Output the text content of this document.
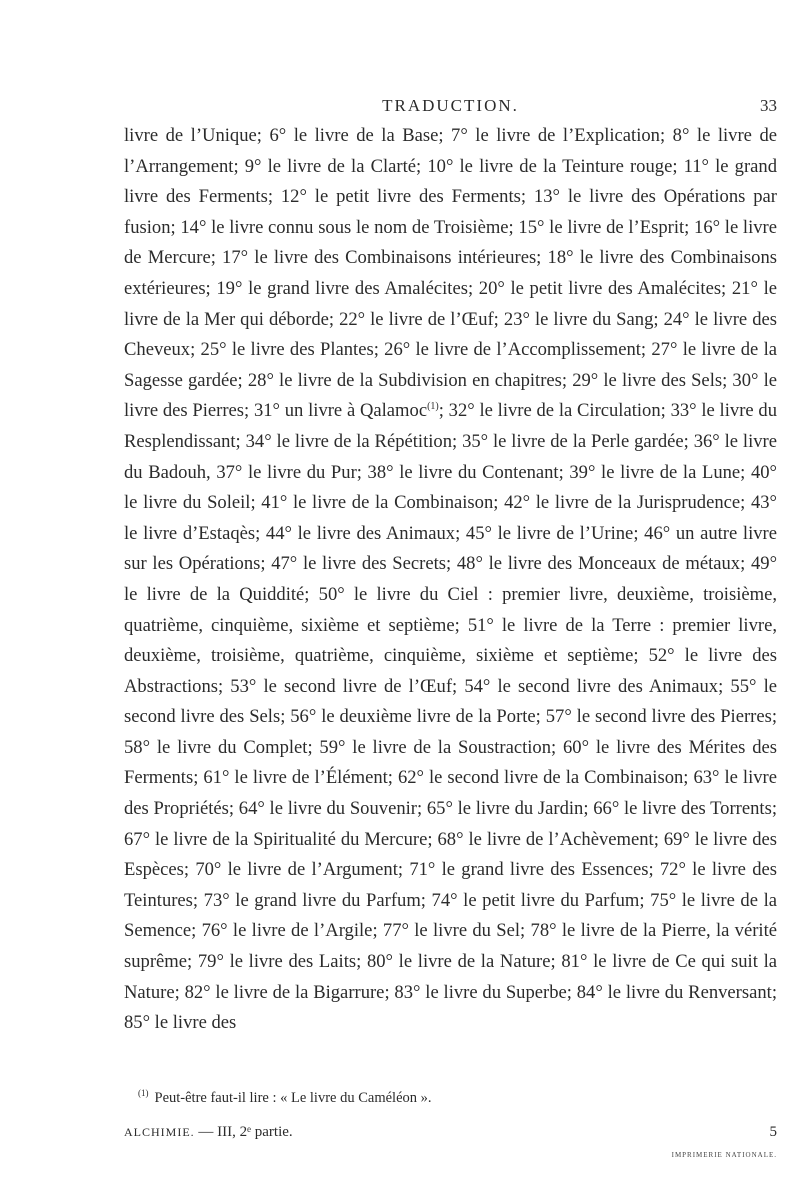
TRADUCTION.	33

livre de l’Unique; 6° le livre de la Base; 7° le livre de l’Explication; 8° le livre de l’Arrangement; 9° le livre de la Clarté; 10° le livre de la Teinture rouge; 11° le grand livre des Ferments; 12° le petit livre des Ferments; 13° le livre des Opérations par fusion; 14° le livre connu sous le nom de Troisième; 15° le livre de l’Esprit; 16° le livre de Mercure; 17° le livre des Combinaisons intérieures; 18° le livre des Combinaisons extérieures; 19° le grand livre des Amalécites; 20° le petit livre des Amalécites; 21° le livre de la Mer qui déborde; 22° le livre de l’Œuf; 23° le livre du Sang; 24° le livre des Cheveux; 25° le livre des Plantes; 26° le livre de l’Accomplissement; 27° le livre de la Sagesse gardée; 28° le livre de la Subdivision en chapitres; 29° le livre des Sels; 30° le livre des Pierres; 31° un livre à Qalamoc$^{(1)}$; 32° le livre de la Circulation; 33° le livre du Resplendissant; 34° le livre de la Répétition; 35° le livre de la Perle gardée; 36° le livre du Badouh, 37° le livre du Pur; 38° le livre du Contenant; 39° le livre de la Lune; 40° le livre du Soleil; 41° le livre de la Combinaison; 42° le livre de la Jurisprudence; 43° le livre d’Estaqès; 44° le livre des Animaux; 45° le livre de l’Urine; 46° un autre livre sur les Opérations; 47° le livre des Secrets; 48° le livre des Monceaux de métaux; 49° le livre de la Quiddité; 50° le livre du Ciel : premier livre, deuxième, troisième, quatrième, cinquième, sixième et septième; 51° le livre de la Terre : premier livre, deuxième, troisième, quatrième, cinquième, sixième et septième; 52° le livre des Abstractions; 53° le second livre de l’Œuf; 54° le second livre des Animaux; 55° le second livre des Sels; 56° le deuxième livre de la Porte; 57° le second livre des Pierres; 58° le livre du Complet; 59° le livre de la Soustraction; 60° le livre des Mérites des Ferments; 61° le livre de l’Élément; 62° le second livre de la Combinaison; 63° le livre des Propriétés; 64° le livre du Souvenir; 65° le livre du Jardin; 66° le livre des Torrents; 67° le livre de la Spiritualité du Mercure; 68° le livre de l’Achèvement; 69° le livre des Espèces; 70° le livre de l’Argument; 71° le grand livre des Essences; 72° le livre des Teintures; 73° le grand livre du Parfum; 74° le petit livre du Parfum; 75° le livre de la Semence; 76° le livre de l’Argile; 77° le livre du Sel; 78° le livre de la Pierre, la vérité suprême; 79° le livre des Laits; 80° le livre de la Nature; 81° le livre de Ce qui suit la Nature; 82° le livre de la Bigarrure; 83° le livre du Superbe; 84° le livre du Renversant; 85° le livre des

$^{(1)}$ Peut-être faut-il lire : « Le livre du Caméléon ».

ALCHIMIE. — III, 2ᵉ partie.	5
IMPRIMERIE NATIONALE.
